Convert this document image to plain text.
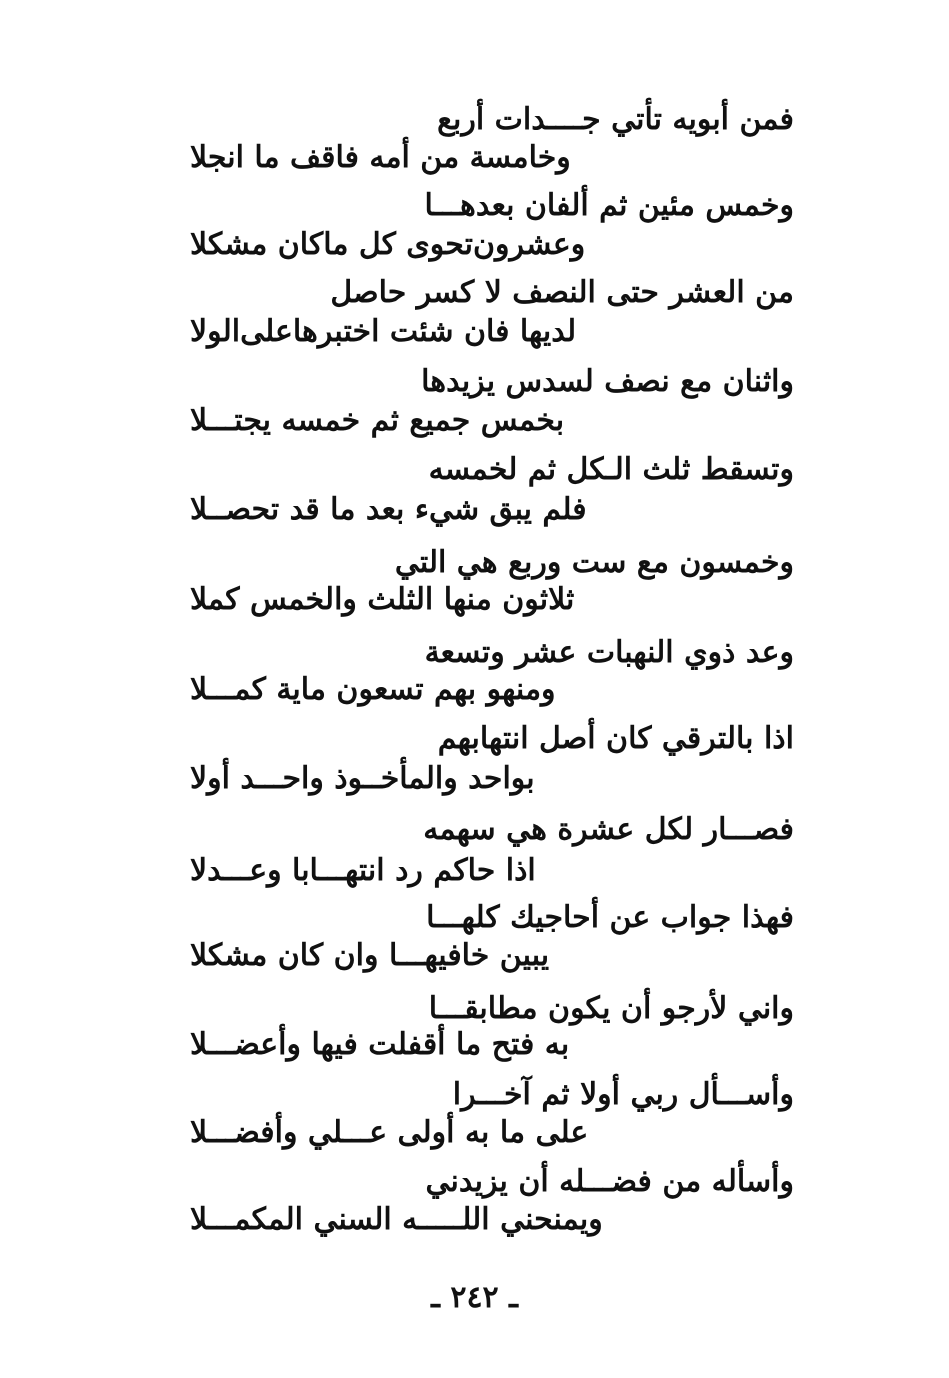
فمن أبويه تأتي جــــدات أربع
وخامسة من أمه فاقف ما انجلا
وخمس مئين ثم ألفان بعدهـــا
وعشرون‌تحوى كل ماكان مشكلا
من العشر حتى النصف لا كسر حاصل
لديها فان شئت اختبرهاعلى‌الولا
واثنان مع نصف لسدس يزيدها
بخمس جميع ثم خمسه يجتـــلا
وتسقط ثلث الـكل ثم لخمسه
فلم يبق شيء بعد ما قد تحصــلا
وخمسون مع ست وربع هي التي
ثلاثون منها الثلث والخمس كملا
وعد ذوي النهبات عشر وتسعة
ومنهو بهم تسعون ماية كمـــلا
اذا بالترقي كان أصل انتهابهم
بواحد والمأخــوذ واحـــد أولا
فصـــار لكل عشرة هي سهمه
اذا حاكم رد انتهـــابا وعـــدلا
فهذا جواب عن أحاجيك كلهـــا
يبين خافيهـــا وان كان مشكلا
واني لأرجو أن يكون مطابقـــا
به فتح ما أقفلت فيها وأعضـــلا
وأســـأل ربي أولا ثم آخـــرا
على ما به أولى عـــلي وأفضـــلا
وأسأله من فضـــله أن يزيدني
ويمنحني اللـــــه السني المكمـــلا
ـ ٢٤٢ ـ
